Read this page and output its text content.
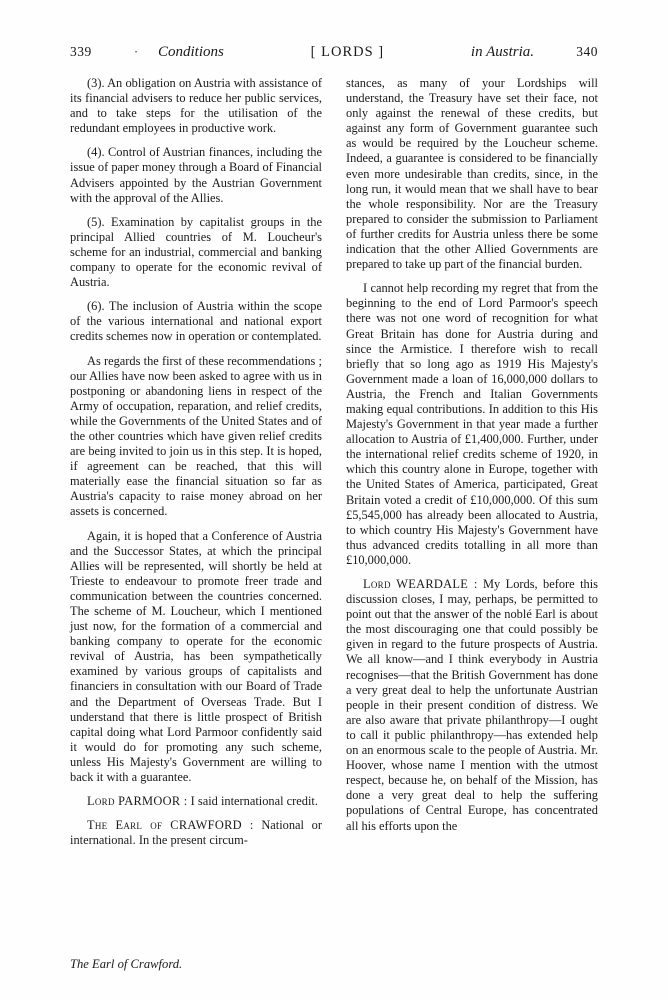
339	·	Conditions	[ LORDS ]	in Austria.	340

(3). An obligation on Austria with assistance of its financial advisers to reduce her public services, and to take steps for the utilisation of the redundant employees in productive work.

(4). Control of Austrian finances, including the issue of paper money through a Board of Financial Advisers appointed by the Austrian Government with the approval of the Allies.

(5). Examination by capitalist groups in the principal Allied countries of M. Loucheur's scheme for an industrial, commercial and banking company to operate for the economic revival of Austria.

(6). The inclusion of Austria within the scope of the various international and national export credits schemes now in operation or contemplated.

As regards the first of these recommendations ; our Allies have now been asked to agree with us in postponing or abandoning liens in respect of the Army of occupation, reparation, and relief credits, while the Governments of the United States and of the other countries which have given relief credits are being invited to join us in this step. It is hoped, if agreement can be reached, that this will materially ease the financial situation so far as Austria's capacity to raise money abroad on her assets is concerned.

Again, it is hoped that a Conference of Austria and the Successor States, at which the principal Allies will be represented, will shortly be held at Trieste to endeavour to promote freer trade and communication between the countries concerned. The scheme of M. Loucheur, which I mentioned just now, for the formation of a commercial and banking company to operate for the economic revival of Austria, has been sympathetically examined by various groups of capitalists and financiers in consultation with our Board of Trade and the Department of Overseas Trade. But I understand that there is little prospect of British capital doing what Lord Parmoor confidently said it would do for promoting any such scheme, unless His Majesty's Government are willing to back it with a guarantee.

Lord PARMOOR : I said international credit.

The Earl of CRAWFORD : National or international. In the present circum-

stances, as many of your Lordships will understand, the Treasury have set their face, not only against the renewal of these credits, but against any form of Government guarantee such as would be required by the Loucheur scheme. Indeed, a guarantee is considered to be financially even more undesirable than credits, since, in the long run, it would mean that we shall have to bear the whole responsibility. Nor are the Treasury prepared to consider the submission to Parliament of further credits for Austria unless there be some indication that the other Allied Governments are prepared to take up part of the financial burden.

I cannot help recording my regret that from the beginning to the end of Lord Parmoor's speech there was not one word of recognition for what Great Britain has done for Austria during and since the Armistice. I therefore wish to recall briefly that so long ago as 1919 His Majesty's Government made a loan of 16,000,000 dollars to Austria, the French and Italian Governments making equal contributions. In addition to this His Majesty's Government in that year made a further allocation to Austria of £1,400,000. Further, under the international relief credits scheme of 1920, in which this country alone in Europe, together with the United States of America, participated, Great Britain voted a credit of £10,000,000. Of this sum £5,545,000 has already been allocated to Austria, to which country His Majesty's Government have thus advanced credits totalling in all more than £10,000,000.

Lord WEARDALE : My Lords, before this discussion closes, I may, perhaps, be permitted to point out that the answer of the noblé Earl is about the most discouraging one that could possibly be given in regard to the future prospects of Austria. We all know—and I think everybody in Austria recognises—that the British Government has done a very great deal to help the unfortunate Austrian people in their present condition of distress. We are also aware that private philanthropy—I ought to call it public philanthropy—has extended help on an enormous scale to the people of Austria. Mr. Hoover, whose name I mention with the utmost respect, because he, on behalf of the Mission, has done a very great deal to help the suffering populations of Central Europe, has concentrated all his efforts upon the

The Earl of Crawford.
